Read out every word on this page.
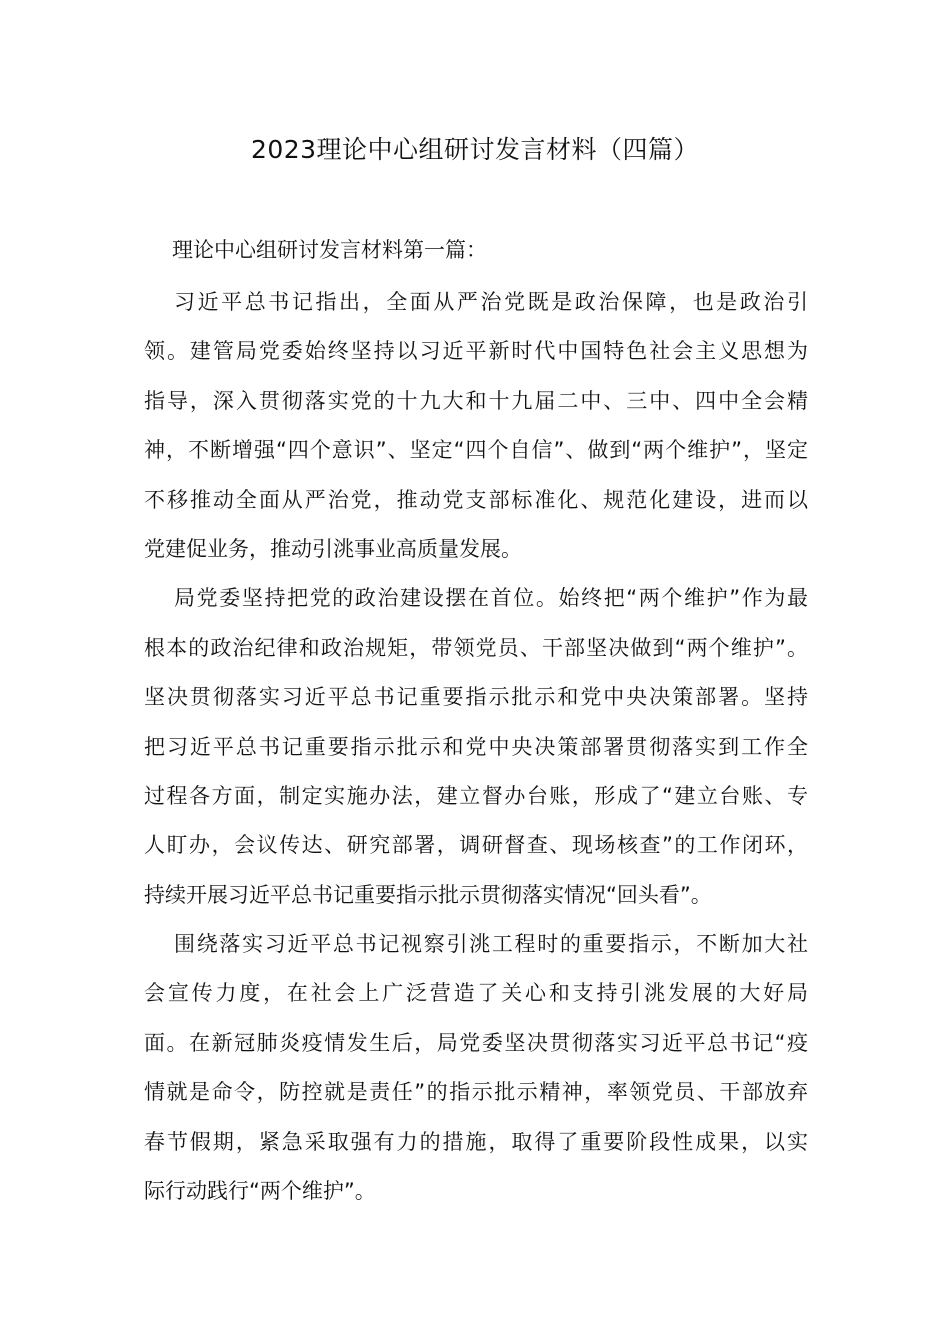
2023理论中心组研讨发言材料（四篇）
理论中心组研讨发言材料第一篇：
习近平总书记指出，全面从严治党既是政治保障，也是政治引
领。建管局党委始终坚持以习近平新时代中国特色社会主义思想为
指导，深入贯彻落实党的十九大和十九届二中、三中、四中全会精
神，不断增强“四个意识”、坚定“四个自信”、做到“两个维护”，坚定
不移推动全面从严治党，推动党支部标准化、规范化建设，进而以
党建促业务，推动引洮事业高质量发展。
局党委坚持把党的政治建设摆在首位。始终把“两个维护”作为最
根本的政治纪律和政治规矩，带领党员、干部坚决做到“两个维护”。
坚决贯彻落实习近平总书记重要指示批示和党中央决策部署。坚持
把习近平总书记重要指示批示和党中央决策部署贯彻落实到工作全
过程各方面，制定实施办法，建立督办台账，形成了“建立台账、专
人盯办，会议传达、研究部署，调研督查、现场核查”的工作闭环，
持续开展习近平总书记重要指示批示贯彻落实情况“回头看”。
围绕落实习近平总书记视察引洮工程时的重要指示，不断加大社
会宣传力度，在社会上广泛营造了关心和支持引洮发展的大好局
面。在新冠肺炎疫情发生后，局党委坚决贯彻落实习近平总书记“疫
情就是命令，防控就是责任”的指示批示精神，率领党员、干部放弃
春节假期，紧急采取强有力的措施，取得了重要阶段性成果，以实
际行动践行“两个维护”。
